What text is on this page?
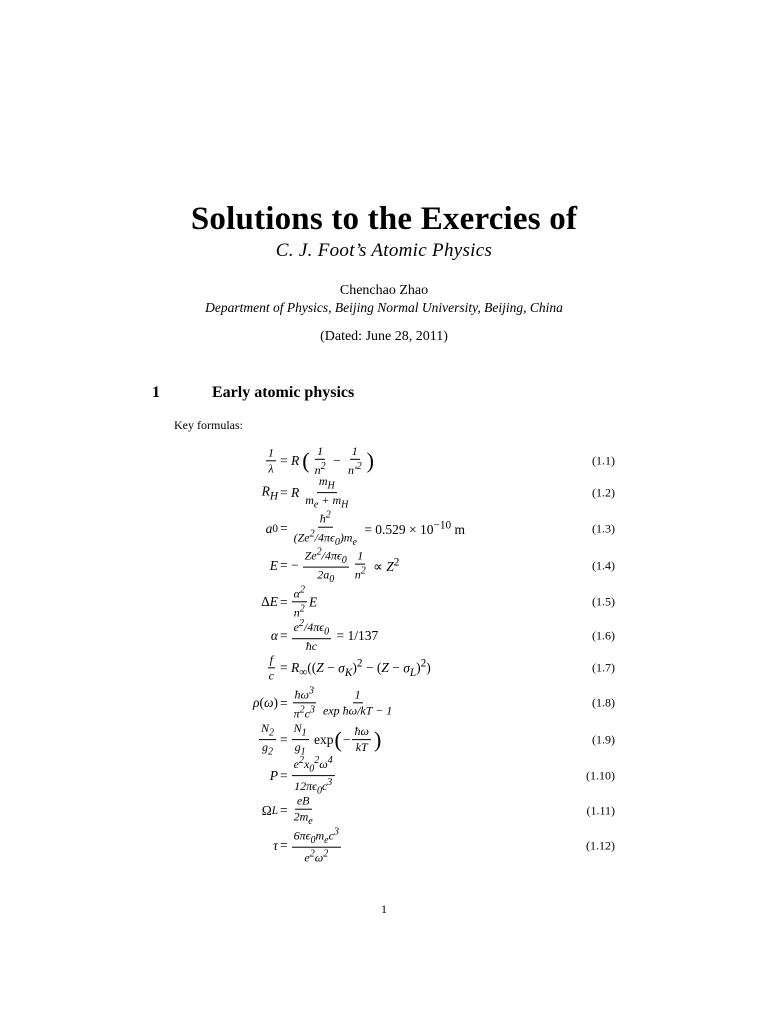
Solutions to the Exercies of
C. J. Foot’s Atomic Physics
Chenchao Zhao
Department of Physics, Beijing Normal University, Beijing, China
(Dated: June 28, 2011)
1	Early atomic physics
Key formulas:
$\frac{1}{\lambda} = R$ ( $\frac{1}{n^2} - \frac{1}{n'^2}$ )	(1.1)
$R_H = R \frac{m_H}{m_e + m_H}$	(1.2)
a $0 = \frac{ħ^2}{(Ze^2/4\pi\epsilon_0)m_e} = 0.529 \times 10^{-10}$ m	(1.3)
E = − $\frac{Ze^2/4\pi\epsilon_0}{2a_0} \frac{1}{n^2} \propto Z^2$	(1.4)
Δ $E = \frac{\alpha^2}{n^2}$ E	(1.5)
$\alpha = \frac{e^2/4\pi\epsilon_0}{ħc} = 1/137$	(1.6)
$\frac{f}{c} = R_\infty((Z - \sigma_K)^2 - (Z - \sigma_L)^2)$	(1.7)
ρ ( ω ) = $\frac{ħ\omega^3}{\pi^2c^3} \frac{1}{\text{exp ħω/kT − 1}}$	(1.8)
$\frac{N_2}{g_2} = \frac{N_1}{g_1}$ exp ( − $\frac{ħ\omega}{kT}$ )	(1.9)
$P = \frac{e^2x_0^2\omega^4}{12\pi\epsilon_0c^3}$	(1.10)
Ω $L = \frac{eB}{2m_e}$	(1.11)
$\tau = \frac{6\pi\epsilon_0m_ec^3}{e^2\omega^2}$	(1.12)
1
